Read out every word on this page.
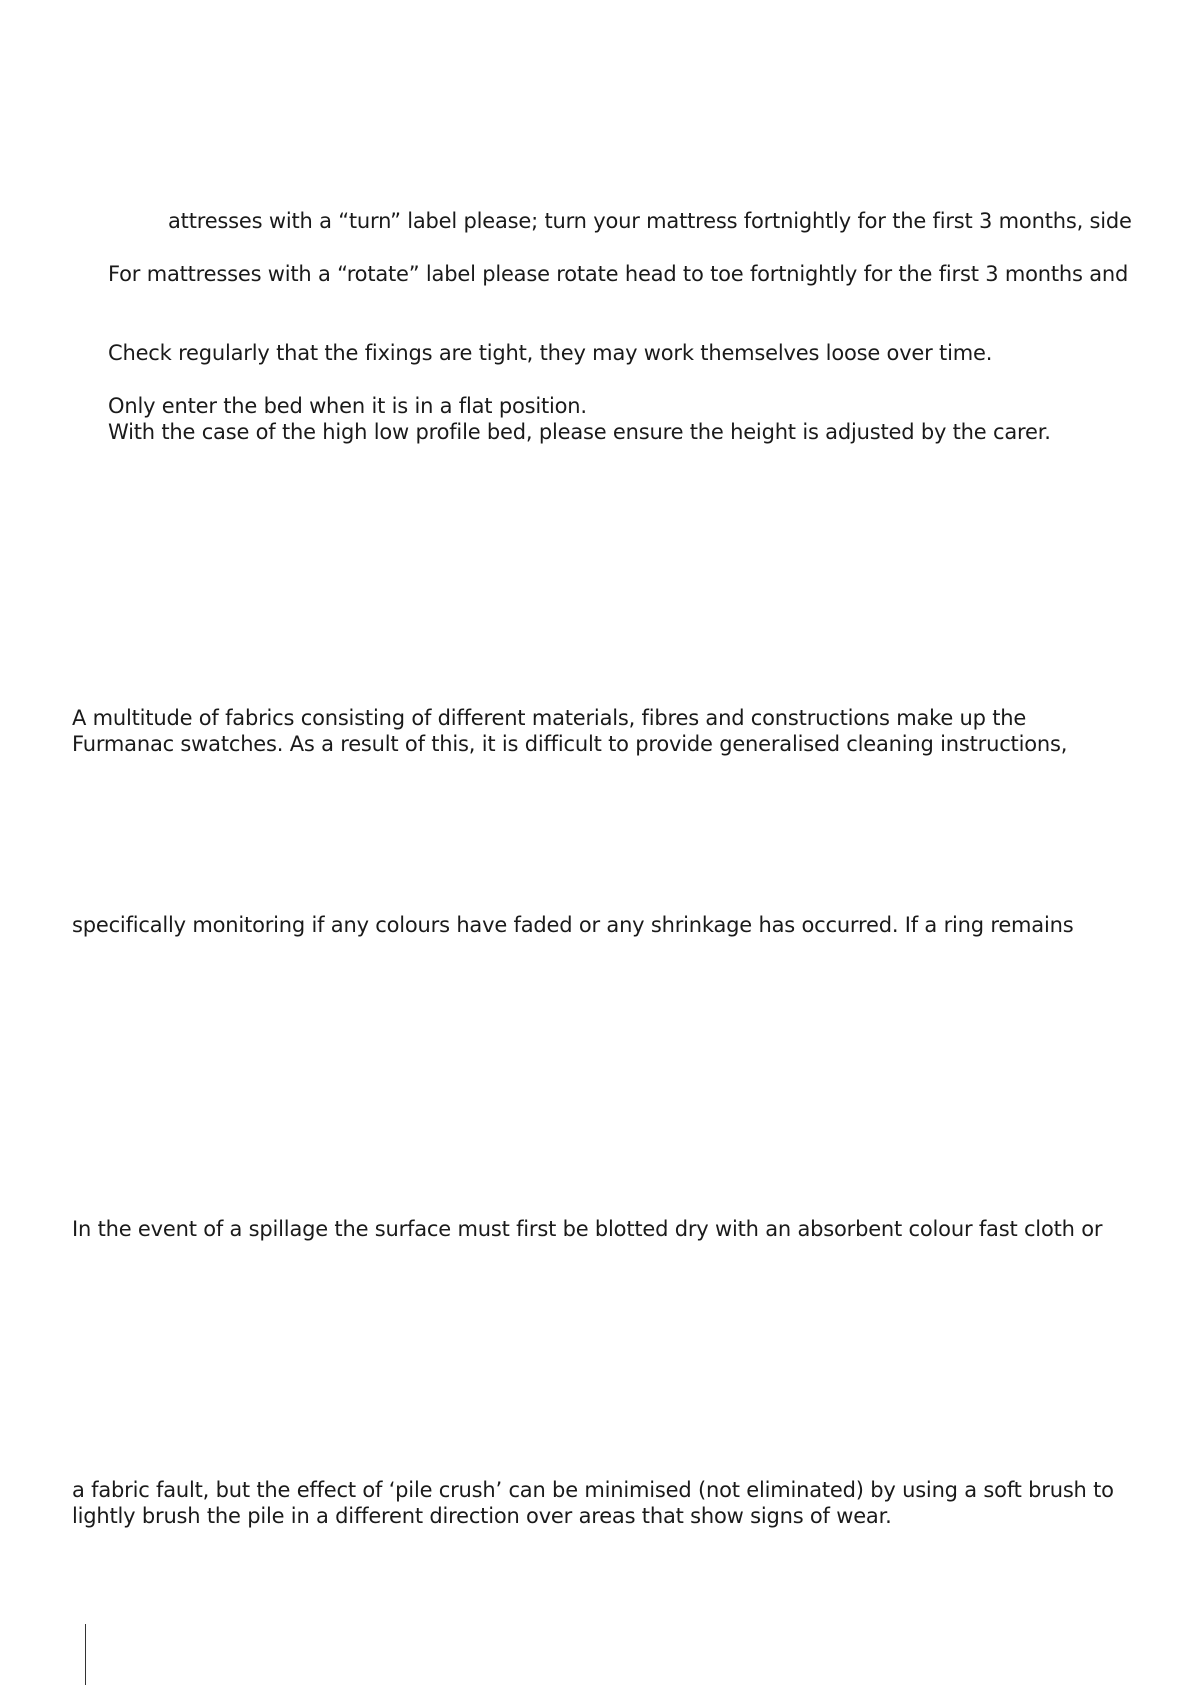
attresses with a “turn” label please; turn your mattress fortnightly for the first 3 months, side
For mattresses with a “rotate” label please rotate head to toe fortnightly for the first 3 months and
Check regularly that the fixings are tight, they may work themselves loose over time.
Only enter the bed when it is in a flat position.
With the case of the high low profile bed, please ensure the height is adjusted by the carer.
A multitude of fabrics consisting of different materials, fibres and constructions make up the
Furmanac swatches. As a result of this, it is difficult to provide generalised cleaning instructions,
specifically monitoring if any colours have faded or any shrinkage has occurred. If a ring remains
In the event of a spillage the surface must first be blotted dry with an absorbent colour fast cloth or
a fabric fault, but the effect of ‘pile crush’ can be minimised (not eliminated) by using a soft brush to
lightly brush the pile in a different direction over areas that show signs of wear.
